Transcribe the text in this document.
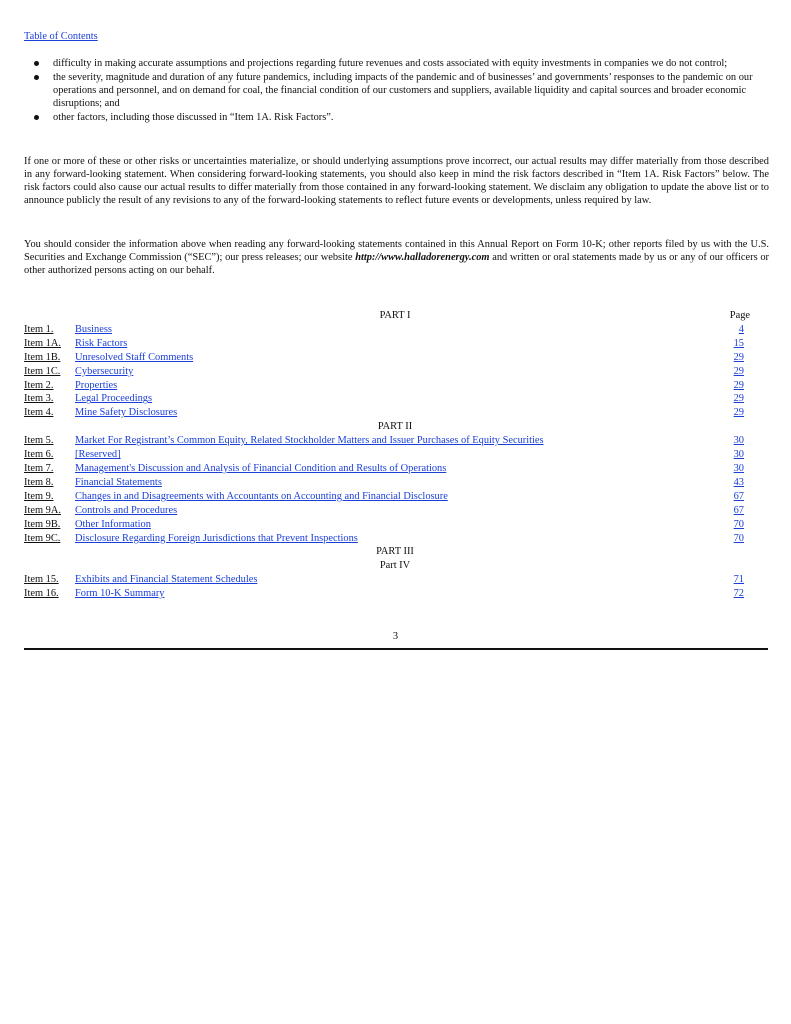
Table of Contents
difficulty in making accurate assumptions and projections regarding future revenues and costs associated with equity investments in companies we do not control;
the severity, magnitude and duration of any future pandemics, including impacts of the pandemic and of businesses’ and governments’ responses to the pandemic on our operations and personnel, and on demand for coal, the financial condition of our customers and suppliers, available liquidity and capital sources and broader economic disruptions; and
other factors, including those discussed in “Item 1A. Risk Factors”.

If one or more of these or other risks or uncertainties materialize, or should underlying assumptions prove incorrect, our actual results may differ materially from those described in any forward-looking statement. When considering forward-looking statements, you should also keep in mind the risk factors described in “Item 1A. Risk Factors” below. The risk factors could also cause our actual results to differ materially from those contained in any forward-looking statement. We disclaim any obligation to update the above list or to announce publicly the result of any revisions to any of the forward-looking statements to reflect future events or developments, unless required by law.

You should consider the information above when reading any forward-looking statements contained in this Annual Report on Form 10-K; other reports filed by us with the U.S. Securities and Exchange Commission (“SEC”); our press releases; our website http://www.halladorenergy.com and written or oral statements made by us or any of our officers or other authorized persons acting on our behalf.

	PART I	Page
Item 1.	Business	4
Item 1A.	Risk Factors	15
Item 1B.	Unresolved Staff Comments	29
Item 1C.	Cybersecurity	29
Item 2.	Properties	29
Item 3.	Legal Proceedings	29
Item 4.	Mine Safety Disclosures	29
	PART II	
Item 5.	Market For Registrant’s Common Equity, Related Stockholder Matters and Issuer Purchases of Equity Securities	30
Item 6.	[Reserved]	30
Item 7.	Management's Discussion and Analysis of Financial Condition and Results of Operations	30
Item 8.	Financial Statements	43
Item 9.	Changes in and Disagreements with Accountants on Accounting and Financial Disclosure	67
Item 9A.	Controls and Procedures	67
Item 9B.	Other Information	70
Item 9C.	Disclosure Regarding Foreign Jurisdictions that Prevent Inspections	70
	PART III	
	Part IV	
Item 15.	Exhibits and Financial Statement Schedules	71
Item 16.	Form 10-K Summary	72
3
